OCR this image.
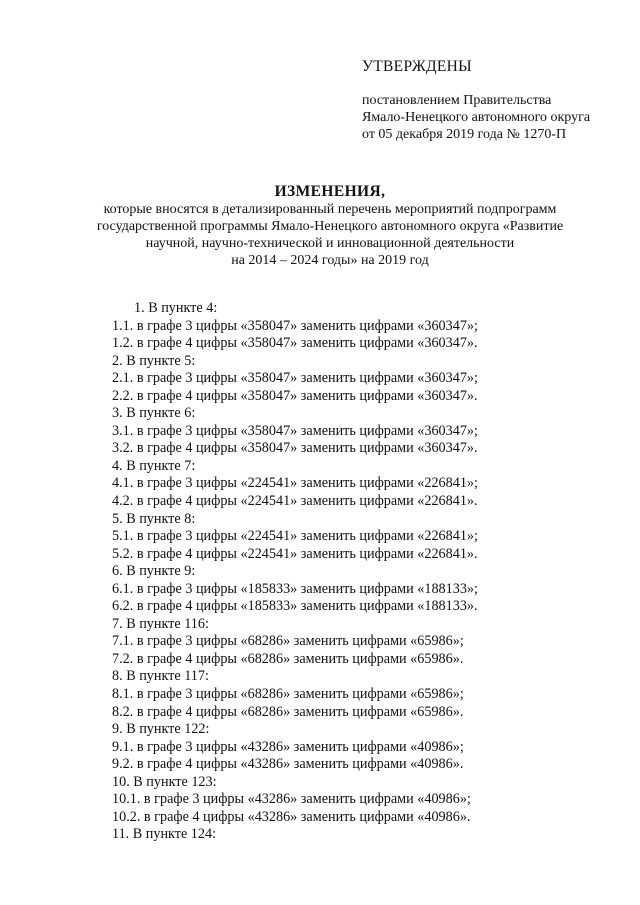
УТВЕРЖДЕНЫ
постановлением Правительства
Ямало-Ненецкого автономного округа
от 05 декабря 2019 года № 1270-П
ИЗМЕНЕНИЯ,
которые вносятся в детализированный перечень мероприятий подпрограмм
государственной программы Ямало-Ненецкого автономного округа «Развитие
научной, научно-технической и инновационной деятельности
на 2014 – 2024 годы» на 2019 год
1. В пункте 4:
1.1. в графе 3 цифры «358047» заменить цифрами «360347»;
1.2. в графе 4 цифры «358047» заменить цифрами «360347».
2. В пункте 5:
2.1. в графе 3 цифры «358047» заменить цифрами «360347»;
2.2. в графе 4 цифры «358047» заменить цифрами «360347».
3. В пункте 6:
3.1. в графе 3 цифры «358047» заменить цифрами «360347»;
3.2. в графе 4 цифры «358047» заменить цифрами «360347».
4. В пункте 7:
4.1. в графе 3 цифры «224541» заменить цифрами «226841»;
4.2. в графе 4 цифры «224541» заменить цифрами «226841».
5. В пункте 8:
5.1. в графе 3 цифры «224541» заменить цифрами «226841»;
5.2. в графе 4 цифры «224541» заменить цифрами «226841».
6. В пункте 9:
6.1. в графе 3 цифры «185833» заменить цифрами «188133»;
6.2. в графе 4 цифры «185833» заменить цифрами «188133».
7. В пункте 116:
7.1. в графе 3 цифры «68286» заменить цифрами «65986»;
7.2. в графе 4 цифры «68286» заменить цифрами «65986».
8. В пункте 117:
8.1. в графе 3 цифры «68286» заменить цифрами «65986»;
8.2. в графе 4 цифры «68286» заменить цифрами «65986».
9. В пункте 122:
9.1. в графе 3 цифры «43286» заменить цифрами «40986»;
9.2. в графе 4 цифры «43286» заменить цифрами «40986».
10. В пункте 123:
10.1. в графе 3 цифры «43286» заменить цифрами «40986»;
10.2. в графе 4 цифры «43286» заменить цифрами «40986».
11. В пункте 124:
